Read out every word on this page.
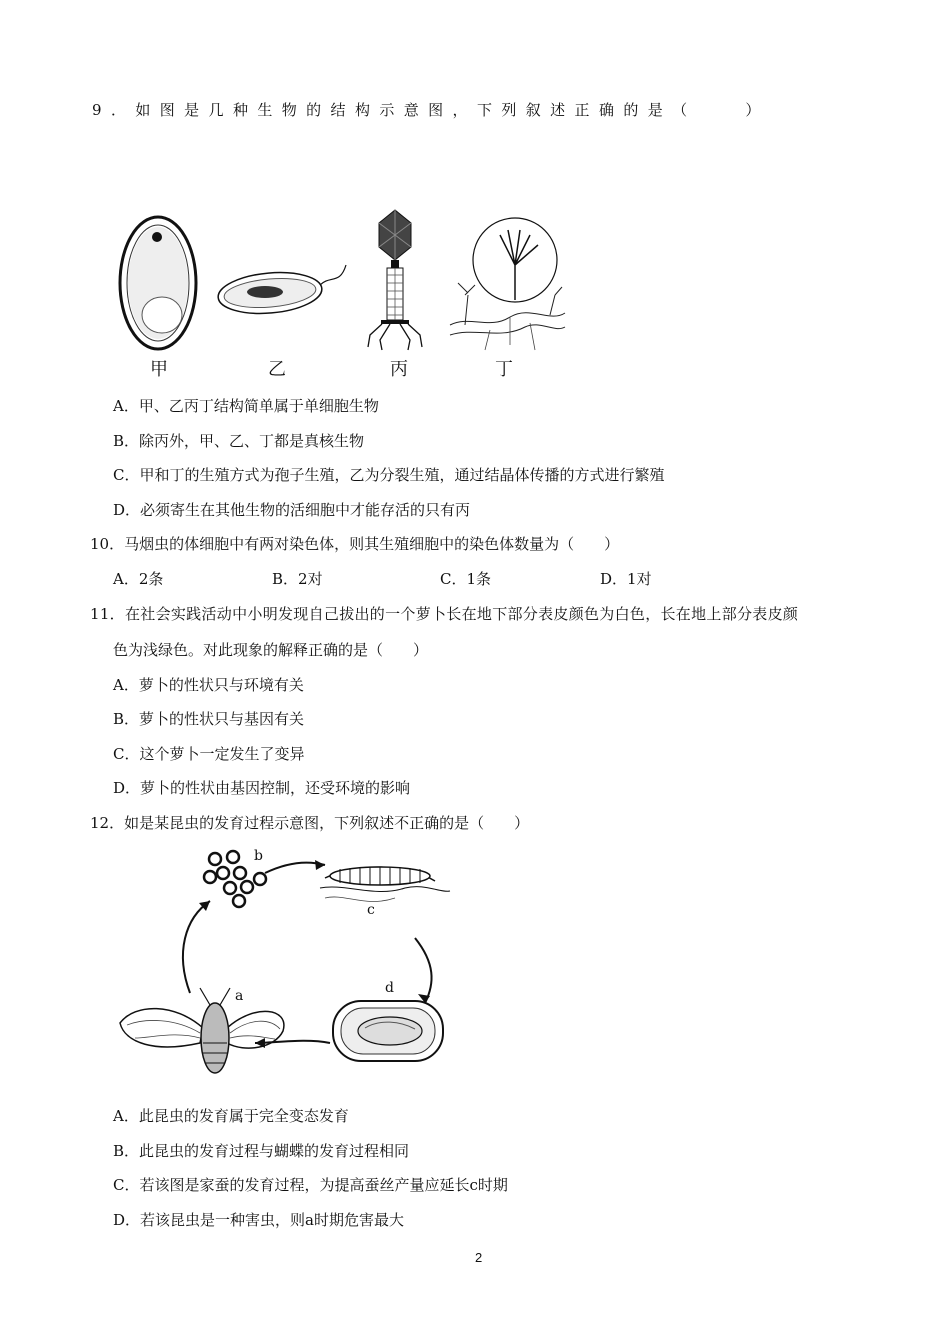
9．如图是几种生物的结构示意图，下列叙述正确的是（　　）
甲	乙	丙	丁
A．甲、乙丙丁结构简单属于单细胞生物
B．除丙外，甲、乙、丁都是真核生物
C．甲和丁的生殖方式为孢子生殖，乙为分裂生殖，通过结晶体传播的方式进行繁殖
D．必须寄生在其他生物的活细胞中才能存活的只有丙
10．马烟虫的体细胞中有两对染色体，则其生殖细胞中的染色体数量为（　　）
A．2条	B．2对	C．1条	D．1对
11．在社会实践活动中小明发现自己拔出的一个萝卜长在地下部分表皮颜色为白色，长在地上部分表皮颜
色为浅绿色。对此现象的解释正确的是（　　）
A．萝卜的性状只与环境有关
B．萝卜的性状只与基因有关
C．这个萝卜一定发生了变异
D．萝卜的性状由基因控制，还受环境的影响
12．如是某昆虫的发育过程示意图，下列叙述不正确的是（　　）
b
c
d
a
A．此昆虫的发育属于完全变态发育
B．此昆虫的发育过程与蝴蝶的发育过程相同
C．若该图是家蚕的发育过程，为提高蚕丝产量应延长c时期
D．若该昆虫是一种害虫，则a时期危害最大
2
